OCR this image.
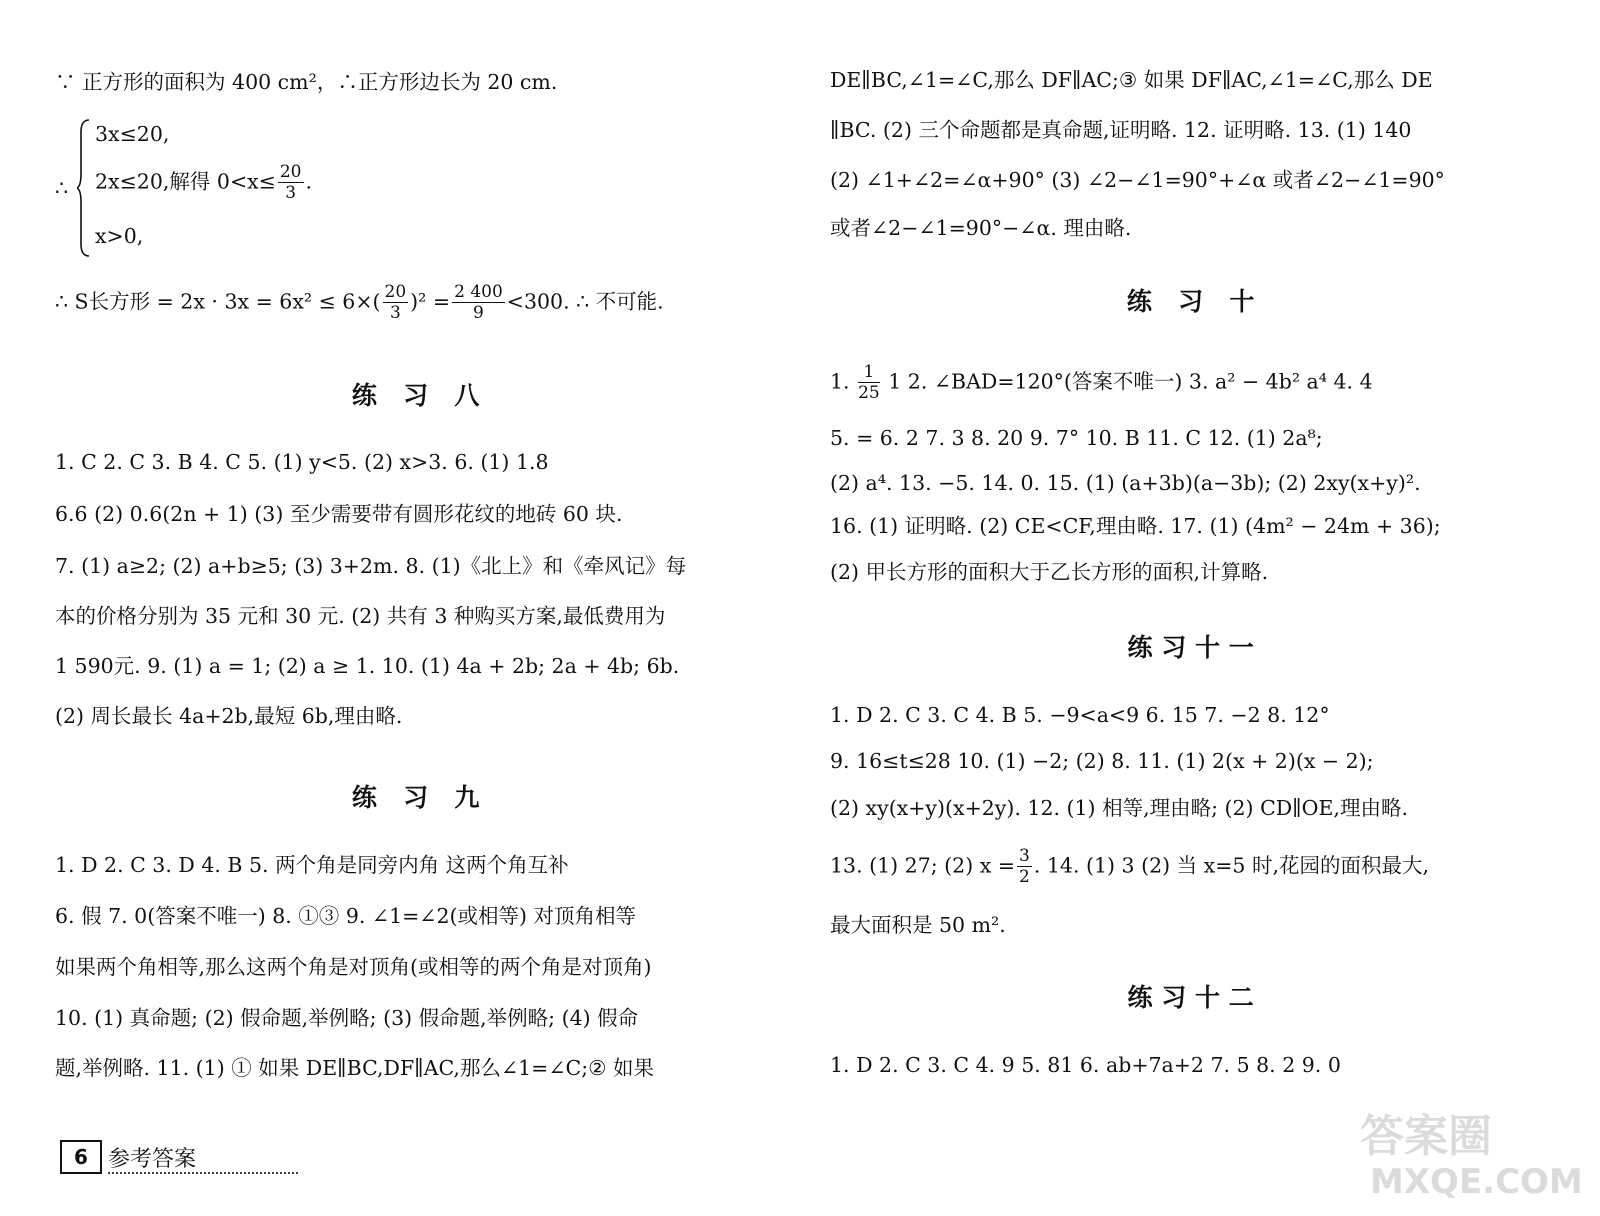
∵ 正方形的面积为 400 cm²，∴正方形边长为 20 cm.
∴
3x≤20,
2x≤20,解得 $0<x\le \frac{20}{3}$ .
x>0,
∴ S长方形 = $2x \cdot 3x = 6x^2 \le 6\times( \frac{20}{3} )^2 = \frac{2 400}{9} <300$. ∴ 不可能.
练 习 八
1. C 2. C 3. B 4. C 5. (1) y<5. (2) x>3. 6. (1) 1.8
6.6 (2) 0.6(2n + 1) (3) 至少需要带有圆形花纹的地砖 60 块.
7. (1) a≥2; (2) a+b≥5; (3) 3+2m. 8. (1)《北上》和《牵风记》每
本的价格分别为 35 元和 30 元. (2) 共有 3 种购买方案,最低费用为
1 590元. 9. (1) a = 1; (2) a ≥ 1. 10. (1) 4a + 2b; 2a + 4b; 6b.
(2) 周长最长 4a+2b,最短 6b,理由略.
练 习 九
1. D 2. C 3. D 4. B 5. 两个角是同旁内角 这两个角互补
6. 假 7. 0(答案不唯一) 8. ①③ 9. ∠1=∠2(或相等) 对顶角相等
如果两个角相等,那么这两个角是对顶角(或相等的两个角是对顶角)
10. (1) 真命题; (2) 假命题,举例略; (3) 假命题,举例略; (4) 假命
题,举例略. 11. (1) ① 如果 DE∥BC,DF∥AC,那么∠1=∠C;② 如果
6 参考答案
DE∥BC,∠1=∠C,那么 DF∥AC;③ 如果 DF∥AC,∠1=∠C,那么 DE
∥BC. (2) 三个命题都是真命题,证明略. 12. 证明略. 13. (1) 140
(2) ∠1+∠2=∠α+90° (3) ∠2−∠1=90°+∠α 或者∠2−∠1=90°
或者∠2−∠1=90°−∠α. 理由略.
练 习 十
1. $\frac{1}{25} 1$ 2. ∠BAD=120°(答案不唯一) 3. a² − 4b² a⁴ 4. 4
5. = 6. 2 7. 3 8. 20 9. 7° 10. B 11. C 12. (1) 2a⁸;
(2) a⁴. 13. −5. 14. 0. 15. (1) (a+3b)(a−3b); (2) 2xy(x+y)².
16. (1) 证明略. (2) CE<CF,理由略. 17. (1) (4m² − 24m + 36);
(2) 甲长方形的面积大于乙长方形的面积,计算略.
练习十一
1. D 2. C 3. C 4. B 5. −9<a<9 6. 15 7. −2 8. 12°
9. 16≤t≤28 10. (1) −2; (2) 8. 11. (1) 2(x + 2)(x − 2);
(2) xy(x+y)(x+2y). 12. (1) 相等,理由略; (2) CD∥OE,理由略.
13. (1) 27; (2) $x = \frac{3}{2}$ . 14. (1) 3 (2) 当 x=5 时,花园的面积最大,
最大面积是 50 m².
练习十二
1. D 2. C 3. C 4. 9 5. 81 6. ab+7a+2 7. 5 8. 2 9. 0
答案圈
MXQE.COM
